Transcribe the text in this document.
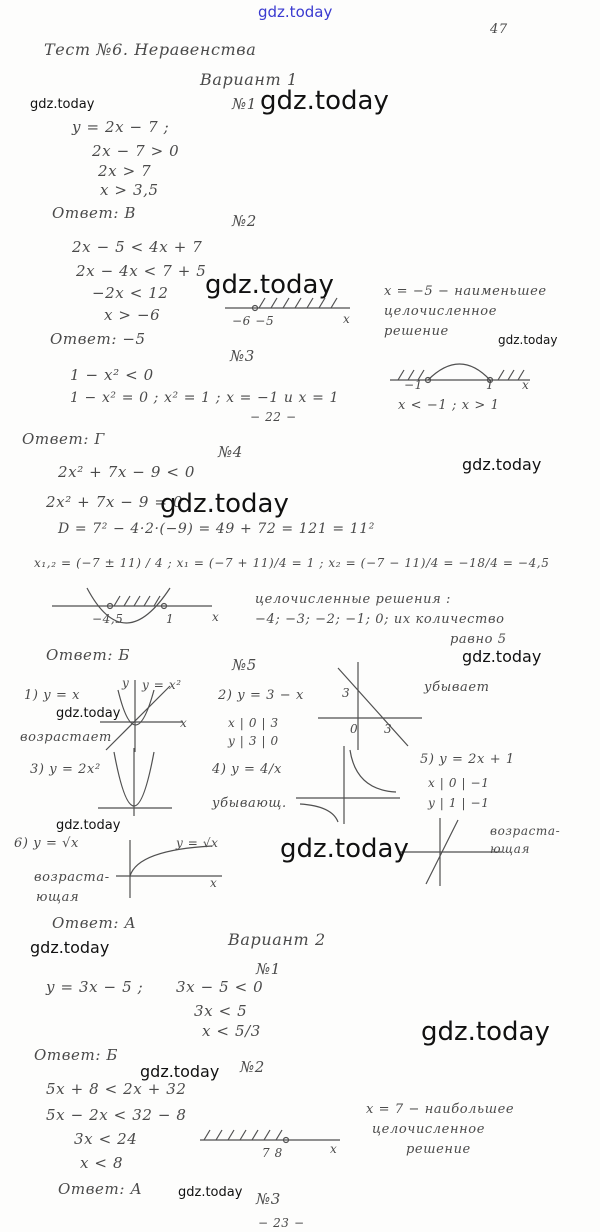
gdz.today
Тест №6. Неравенства
47
Вариант 1
№1
y = 2x − 7 ;
2x − 7 > 0
2x > 7
x > 3,5
Ответ: В	№2
2x − 5 < 4x + 7
2x − 4x < 7 + 5
−2x < 12
x > −6
Ответ: −5
−6 −5	x
x = −5 − наименьшее
целочисленное
решение
№3
1 − x² < 0
1 − x² = 0 ; x² = 1 ; x = −1 и x = 1
− 22 −
−1	1 x
x < −1 ; x > 1
Ответ: Г
№4
2x² + 7x − 9 < 0
2x² + 7x − 9 = 0
D = 7² − 4·2·(−9) = 49 + 72 = 121 = 11²
x₁,₂ = (−7 ± 11) / 4 ; x₁ = (−7 + 11)/4 = 1 ; x₂ = (−7 − 11)/4 = −18/4 = −4,5
−4,5	1	x
целочисленные решения :
−4; −3; −2; −1; 0; их количество
равно 5
Ответ: Б
№5
1) y = x
y = x²
y
x
возрастает
2) y = 3 − x
x | 0 | 3
y | 3 | 0
3
3
0
убывает
3) y = 2x²	4) y = 4/x
убывающ.
5) y = 2x + 1
x | 0 | −1
y | 1 | −1
возраста-
ющая
6) y = √x	y = √x
x
возраста-
ющая
Ответ: А
Вариант 2
№1
y = 3x − 5 ; 3x − 5 < 0
3x < 5
x < 5/3
Ответ: Б
№2
5x + 8 < 2x + 32
5x − 2x < 32 − 8
3x < 24
x < 8
7 8	x
x = 7 − наибольшее
целочисленное
решение
Ответ: А
№3
− 23 −
gdz.today	gdz.today
gdz.today
gdz.today
gdz.today
gdz.today
gdz.today
gdz.today
gdz.today
gdz.today
gdz.today
gdz.today
gdz.today
gdz.today
